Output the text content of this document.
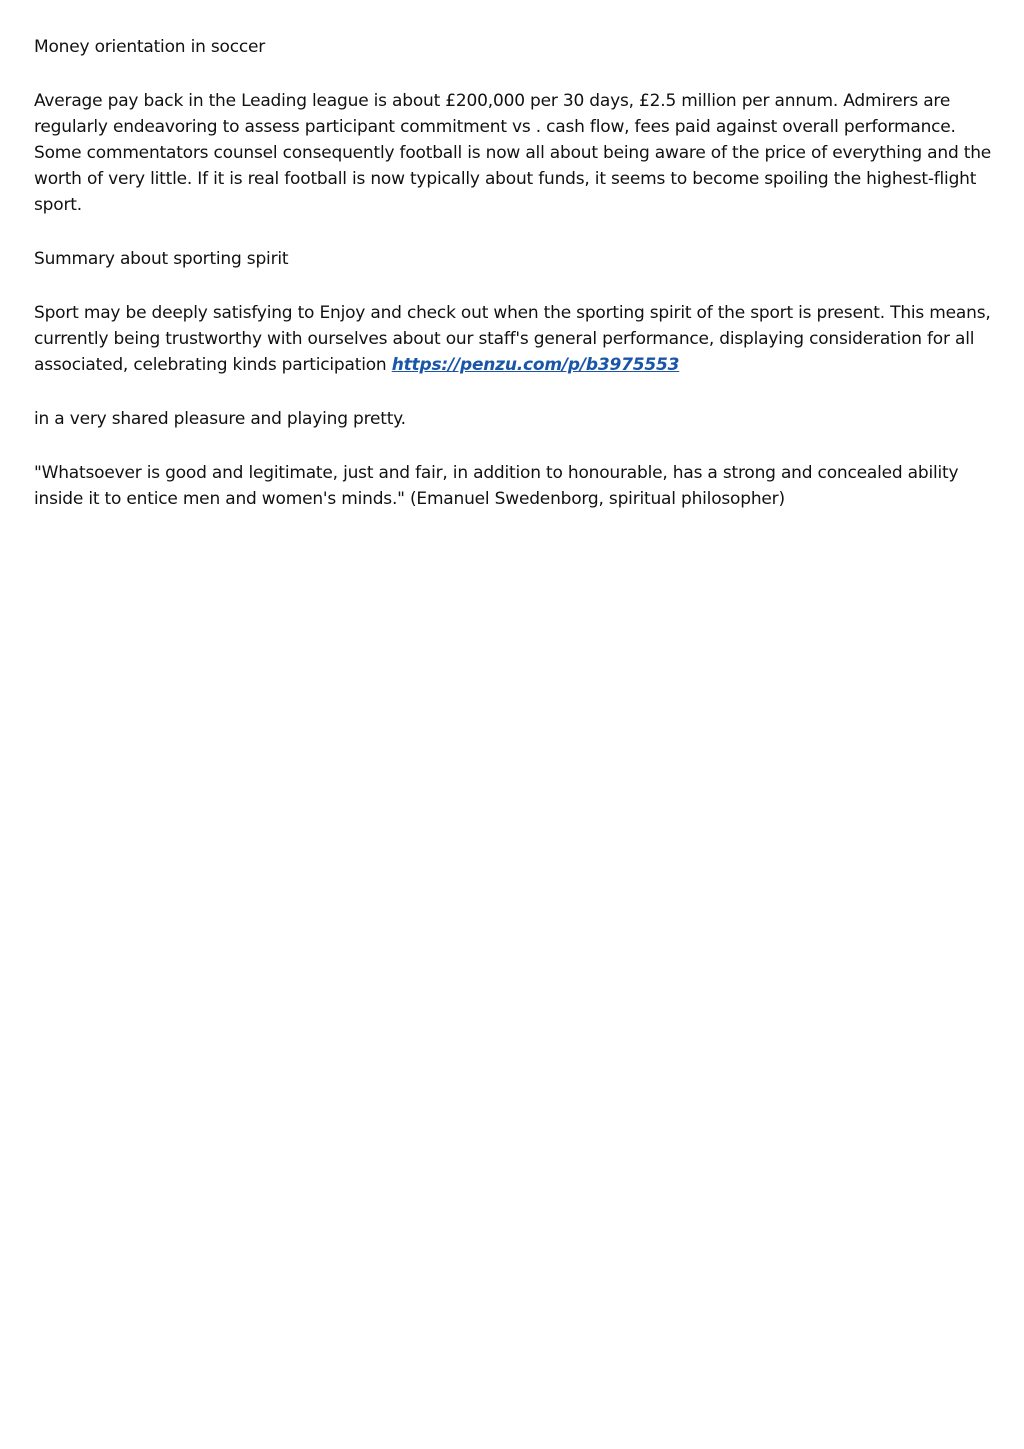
Money orientation in soccer

Average pay back in the Leading league is about £200,000 per 30 days, £2.5 million per annum. Admirers are regularly endeavoring to assess participant commitment vs . cash flow, fees paid against overall performance. Some commentators counsel consequently football is now all about being aware of the price of everything and the worth of very little. If it is real football is now typically about funds, it seems to become spoiling the highest-flight sport.

Summary about sporting spirit

Sport may be deeply satisfying to Enjoy and check out when the sporting spirit of the sport is present. This means, currently being trustworthy with ourselves about our staff's general performance, displaying consideration for all associated, celebrating kinds participation https://penzu.com/p/b3975553

in a very shared pleasure and playing pretty.

"Whatsoever is good and legitimate, just and fair, in addition to honourable, has a strong and concealed ability inside it to entice men and women's minds." (Emanuel Swedenborg, spiritual philosopher)
